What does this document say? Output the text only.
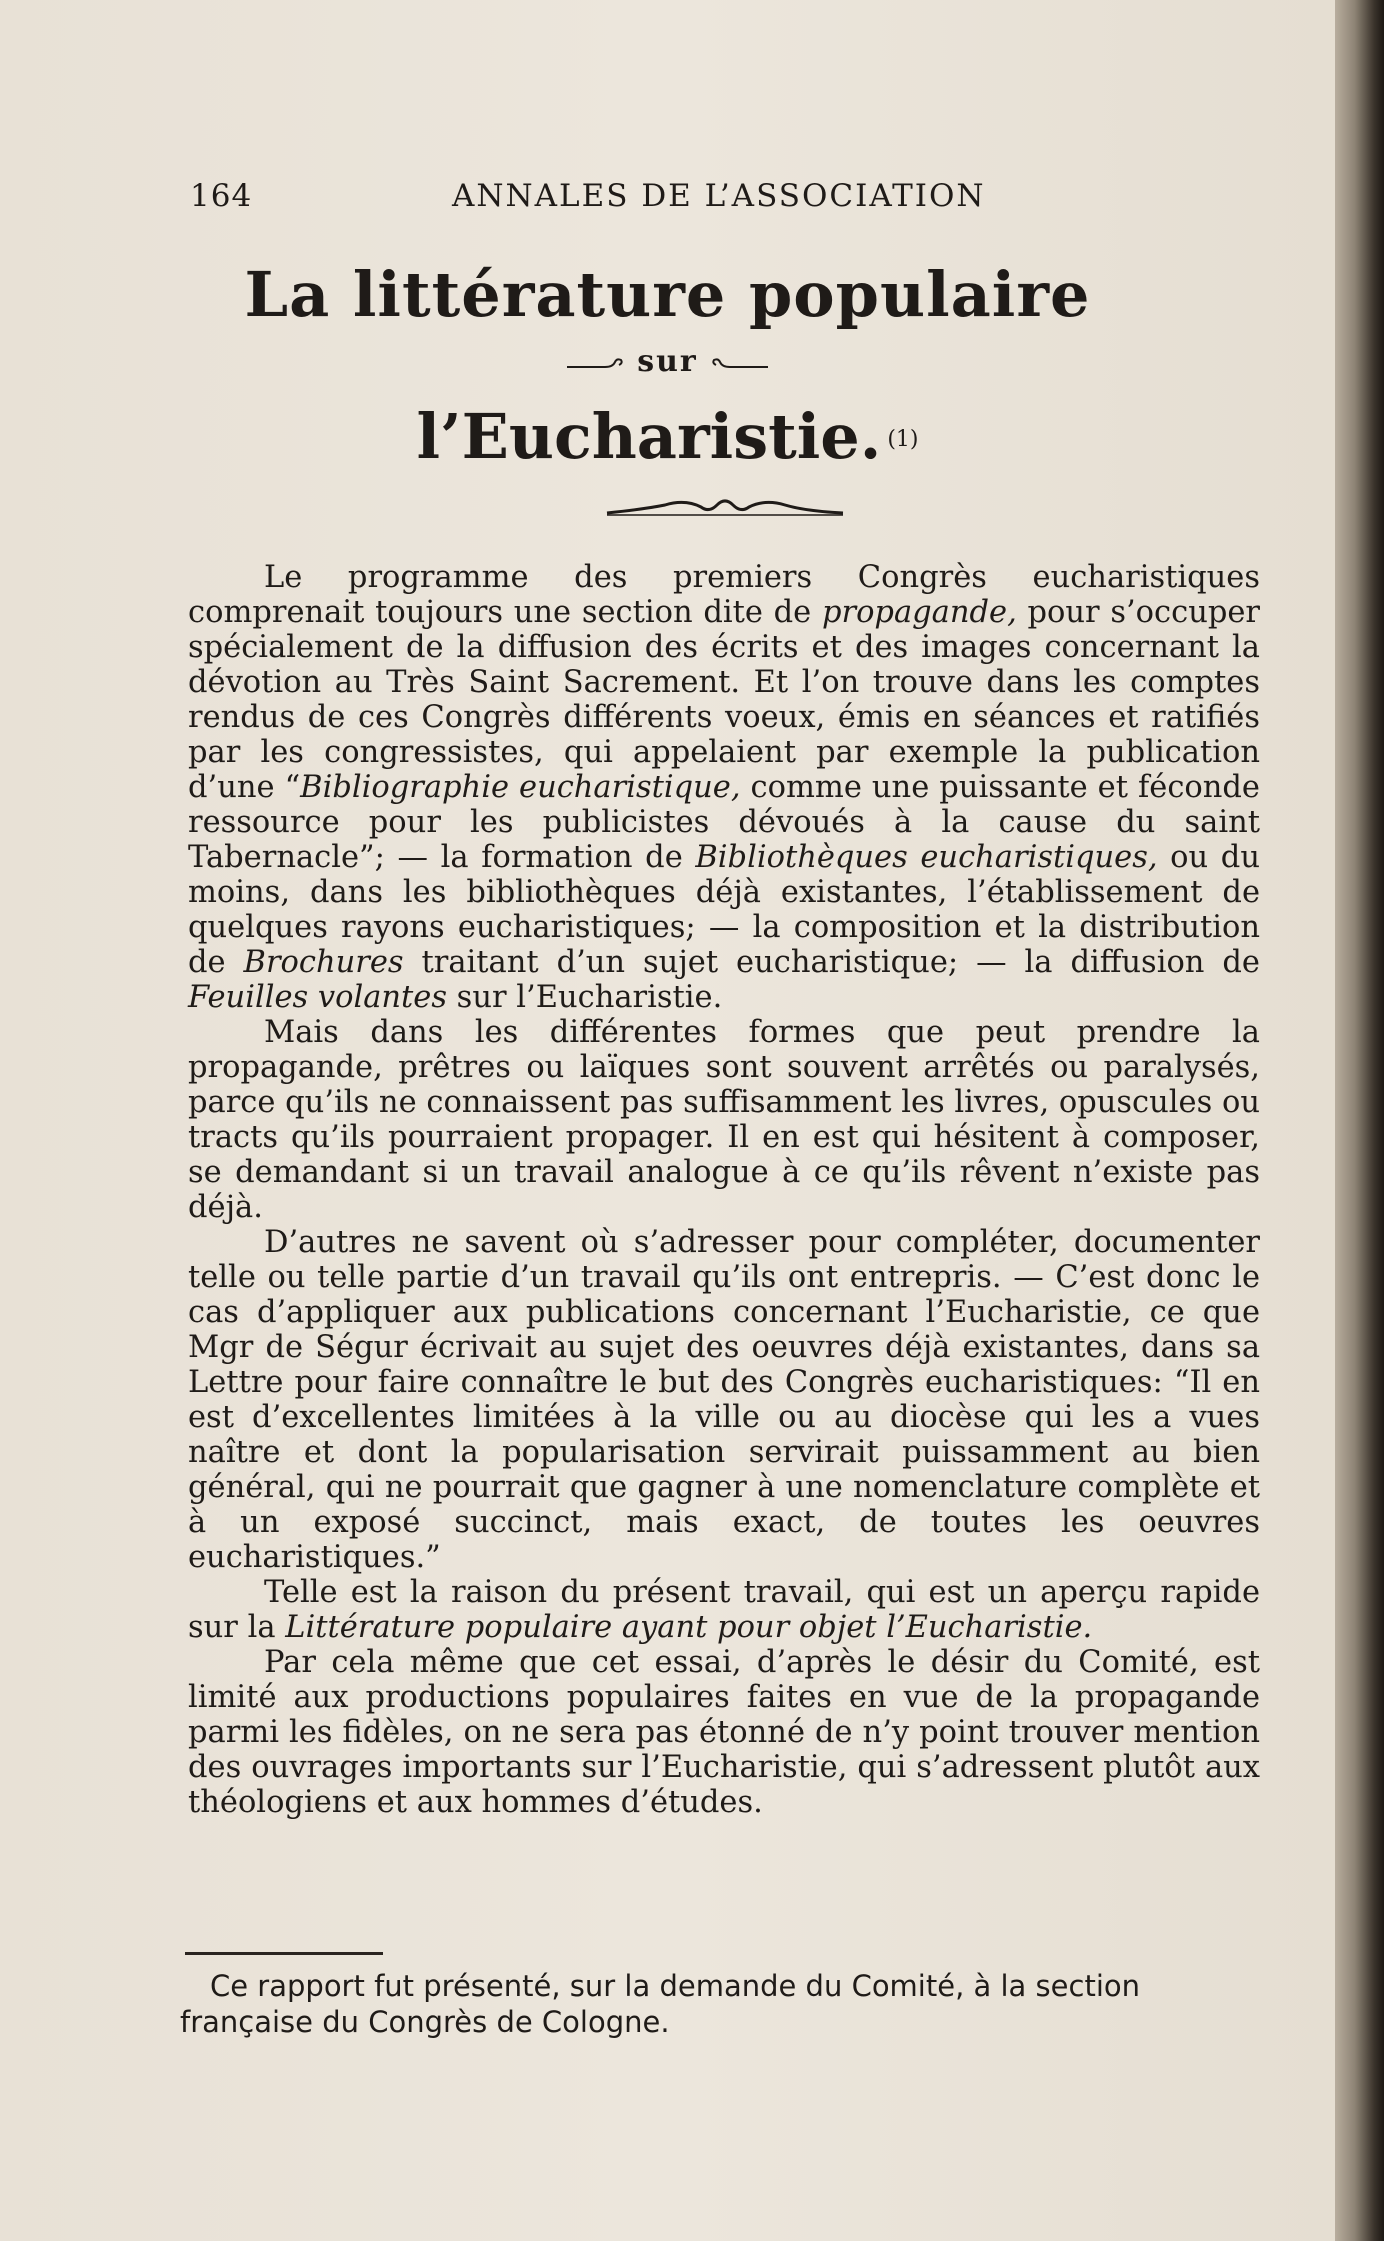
164	ANNALES DE L’ASSOCIATION
La littérature populaire
sur
l’Eucharistie. $^{(1)}$

Le programme des premiers Congrès eucharistiques comprenait toujours une section dite de propagande, pour s’occuper spécialement de la diffusion des écrits et des images concernant la dévotion au Très Saint Sacrement. Et l’on trouve dans les comptes rendus de ces Congrès différents voeux, émis en séances et ratifiés par les congressistes, qui appelaient par exemple la publication d’une “Bibliographie eucharistique, comme une puissante et féconde ressource pour les publicistes dévoués à la cause du saint Tabernacle”; — la formation de Bibliothèques eucharistiques, ou du moins, dans les bibliothèques déjà existantes, l’établissement de quelques rayons eucharistiques; — la composition et la distribution de Brochures traitant d’un sujet eucharistique; — la diffusion de Feuilles volantes sur l’Eucharistie.

Mais dans les différentes formes que peut prendre la propagande, prêtres ou laïques sont souvent arrêtés ou paralysés, parce qu’ils ne connaissent pas suffisamment les livres, opuscules ou tracts qu’ils pourraient propager. Il en est qui hésitent à composer, se demandant si un travail analogue à ce qu’ils rêvent n’existe pas déjà.

D’autres ne savent où s’adresser pour compléter, documenter telle ou telle partie d’un travail qu’ils ont entrepris. — C’est donc le cas d’appliquer aux publications concernant l’Eucharistie, ce que Mgr de Ségur écrivait au sujet des oeuvres déjà existantes, dans sa Lettre pour faire connaître le but des Congrès eucharistiques: “Il en est d’excellentes limitées à la ville ou au diocèse qui les a vues naître et dont la popularisation servirait puissamment au bien général, qui ne pourrait que gagner à une nomenclature complète et à un exposé succinct, mais exact, de toutes les oeuvres eucharistiques.”

Telle est la raison du présent travail, qui est un aperçu rapide sur la Littérature populaire ayant pour objet l’Eucharistie.

Par cela même que cet essai, d’après le désir du Comité, est limité aux productions populaires faites en vue de la propagande parmi les fidèles, on ne sera pas étonné de n’y point trouver mention des ouvrages importants sur l’Eucharistie, qui s’adressent plutôt aux théologiens et aux hommes d’études.

Ce rapport fut présenté, sur la demande du Comité, à la section française du Congrès de Cologne.
